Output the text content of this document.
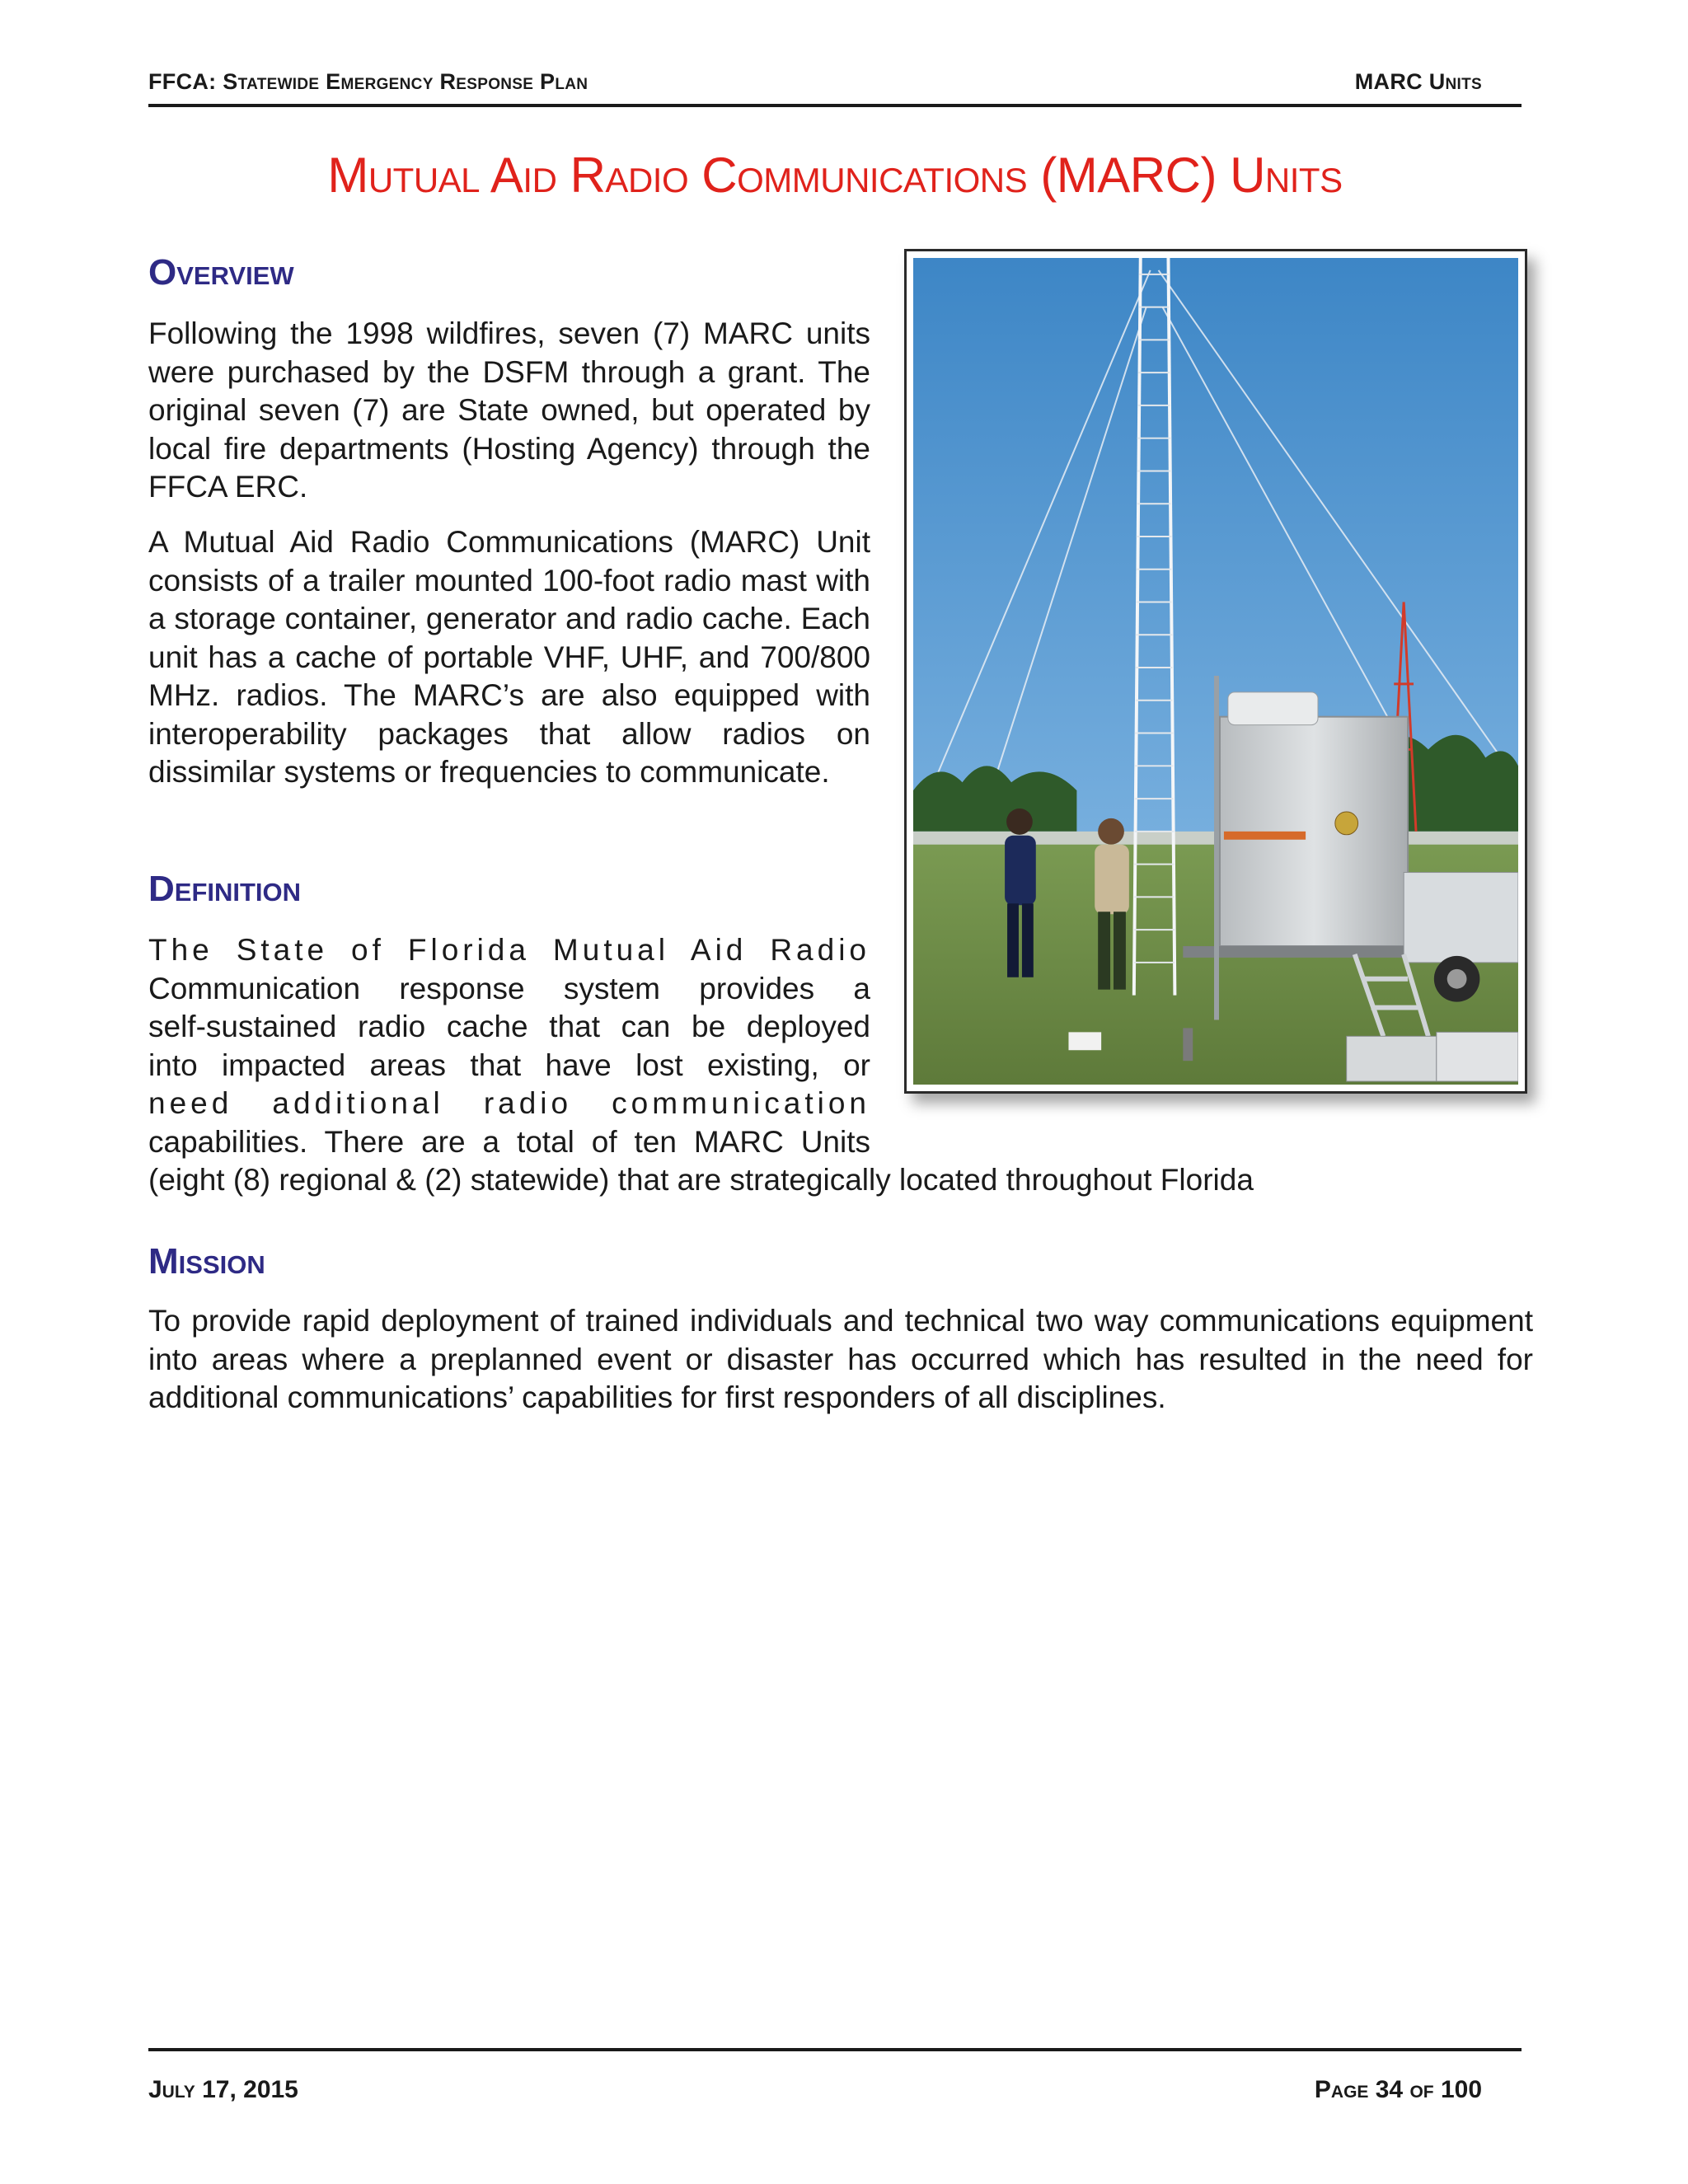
FFCA: Statewide Emergency Response Plan	MARC Units
Mutual Aid Radio Communications (MARC) Units
Overview

Following the 1998 wildfires, seven (7) MARC units were purchased by the DSFM through a grant. The original seven (7) are State owned, but operated by local fire departments (Hosting Agency) through the FFCA ERC.

A Mutual Aid Radio Communications (MARC) Unit consists of a trailer mounted 100-foot radio mast with a storage container, generator and radio cache. Each unit has a cache of portable VHF, UHF, and 700/800 MHz. radios. The MARC’s are also equipped with interoperability packages that allow radios on dissimilar systems or frequencies to communicate.

Definition
The State of Florida Mutual Aid Radio
Communication response system provides a
self-sustained radio cache that can be deployed
into impacted areas that have lost existing, or
need additional radio communication
capabilities. There are a total of ten MARC Units
(eight (8) regional & (2) statewide) that are strategically located throughout Florida
Mission

To provide rapid deployment of trained individuals and technical two way communications equipment into areas where a preplanned event or disaster has occurred which has resulted in the need for additional communications’ capabilities for first responders of all disciplines.

July 17, 2015	Page 34 of 100
